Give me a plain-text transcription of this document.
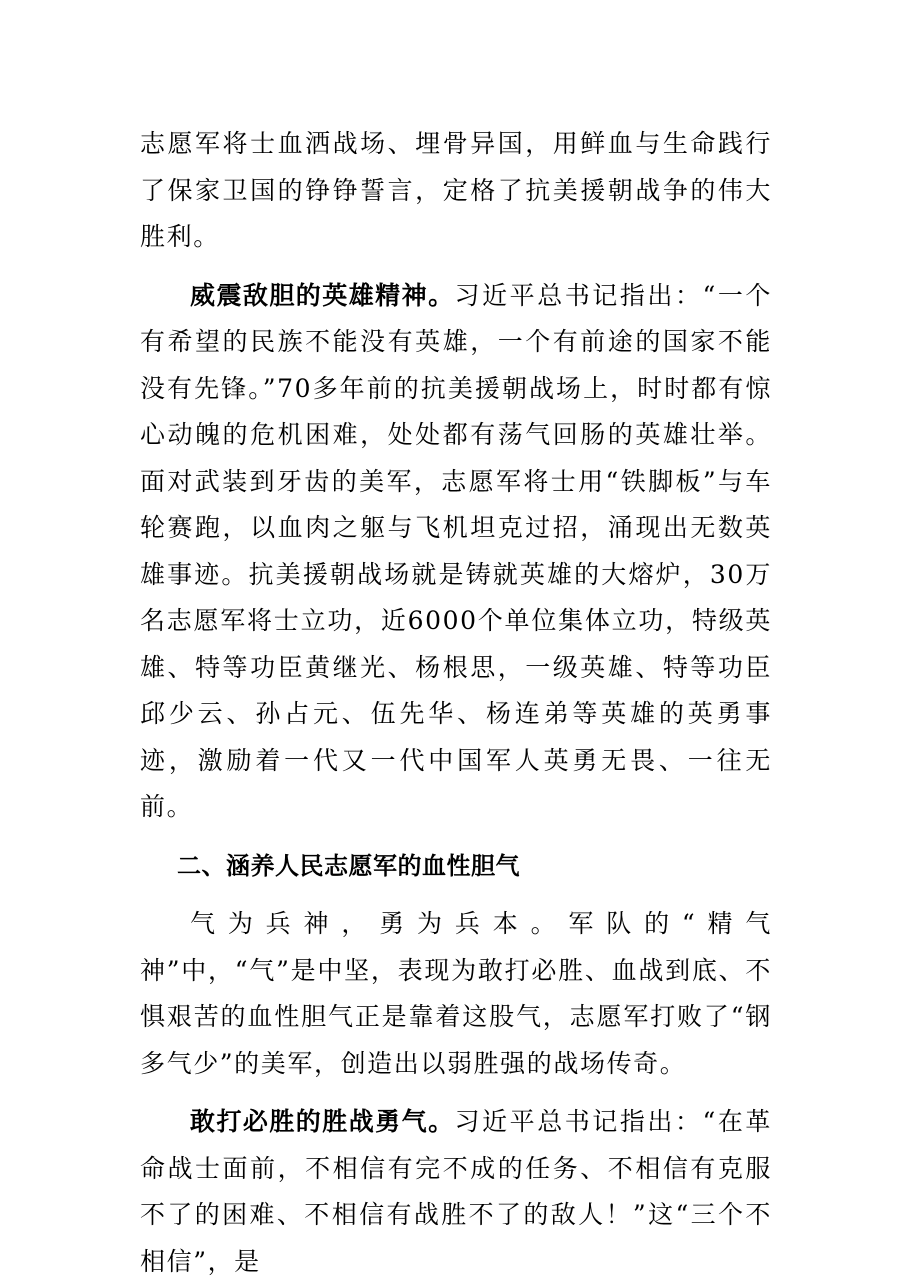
志愿军将士血洒战场、埋骨异国，用鲜血与生命践行了保家卫国的铮铮誓言，定格了抗美援朝战争的伟大胜利。

威震敌胆的英雄精神。习近平总书记指出：“一个有希望的民族不能没有英雄，一个有前途的国家不能没有先锋。”70多年前的抗美援朝战场上，时时都有惊心动魄的危机困难，处处都有荡气回肠的英雄壮举。面对武装到牙齿的美军，志愿军将士用“铁脚板”与车轮赛跑，以血肉之躯与飞机坦克过招，涌现出无数英雄事迹。抗美援朝战场就是铸就英雄的大熔炉，30万名志愿军将士立功，近6000个单位集体立功，特级英雄、特等功臣黄继光、杨根思，一级英雄、特等功臣邱少云、孙占元、伍先华、杨连弟等英雄的英勇事迹，激励着一代又一代中国军人英勇无畏、一往无前。

二、涵养人民志愿军的血性胆气

气为兵神，勇为兵本。军队的“精气神”中，“气”是中坚，表现为敢打必胜、血战到底、不惧艰苦的血性胆气正是靠着这股气，志愿军打败了“钢多气少”的美军，创造出以弱胜强的战场传奇。

敢打必胜的胜战勇气。习近平总书记指出：“在革命战士面前，不相信有完不成的任务、不相信有克服不了的困难、不相信有战胜不了的敌人！”这“三个不相信”，是
